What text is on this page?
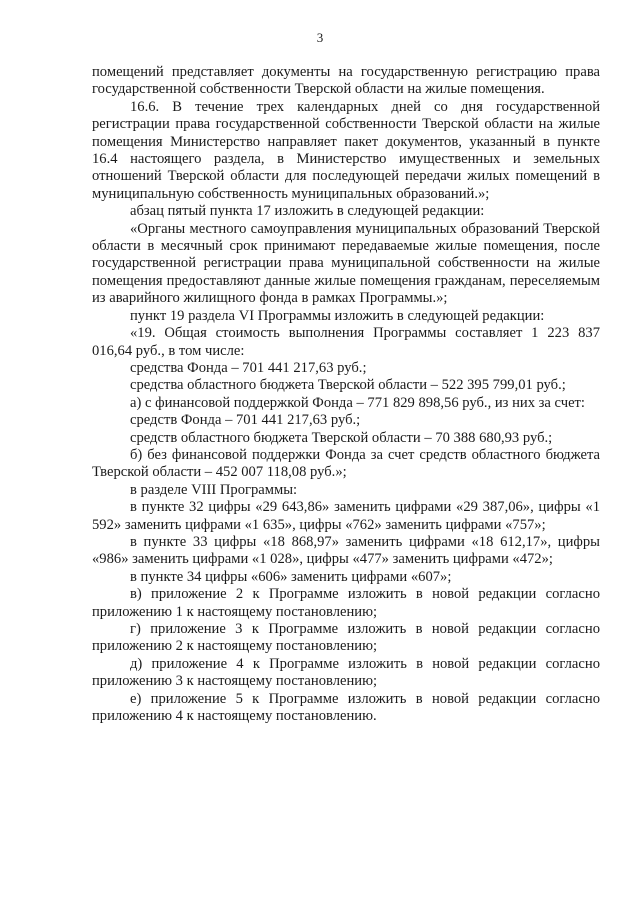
3

помещений представляет документы на государственную регистрацию права государственной собственности Тверской области на жилые помещения.

16.6. В течение трех календарных дней со дня государственной регистрации права государственной собственности Тверской области на жилые помещения Министерство направляет пакет документов, указанный в пункте 16.4 настоящего раздела, в Министерство имущественных и земельных отношений Тверской области для последующей передачи жилых помещений в муниципальную собственность муниципальных образований.»;

абзац пятый пункта 17 изложить в следующей редакции:

«Органы местного самоуправления муниципальных образований Тверской области в месячный срок принимают передаваемые жилые помещения, после государственной регистрации права муниципальной собственности на жилые помещения предоставляют данные жилые помещения гражданам, переселяемым из аварийного жилищного фонда в рамках Программы.»;

пункт 19 раздела VI Программы изложить в следующей редакции:

«19. Общая стоимость выполнения Программы составляет 1 223 837 016,64 руб., в том числе:

средства Фонда – 701 441 217,63 руб.;

средства областного бюджета Тверской области – 522 395 799,01 руб.;

а) с финансовой поддержкой Фонда – 771 829 898,56 руб., из них за счет:

средств Фонда – 701 441 217,63 руб.;

средств областного бюджета Тверской области – 70 388 680,93 руб.;

б) без финансовой поддержки Фонда за счет средств областного бюджета Тверской области – 452 007 118,08 руб.»;

в разделе VIII Программы:

в пункте 32 цифры «29 643,86» заменить цифрами «29 387,06», цифры «1 592» заменить цифрами «1 635», цифры «762» заменить цифрами «757»;

в пункте 33 цифры «18 868,97» заменить цифрами «18 612,17», цифры «986» заменить цифрами «1 028», цифры «477» заменить цифрами «472»;

в пункте 34 цифры «606» заменить цифрами «607»;

в) приложение 2 к Программе изложить в новой редакции согласно приложению 1 к настоящему постановлению;

г) приложение 3 к Программе изложить в новой редакции согласно приложению 2 к настоящему постановлению;

д) приложение 4 к Программе изложить в новой редакции согласно приложению 3 к настоящему постановлению;

е) приложение 5 к Программе изложить в новой редакции согласно приложению 4 к настоящему постановлению.
